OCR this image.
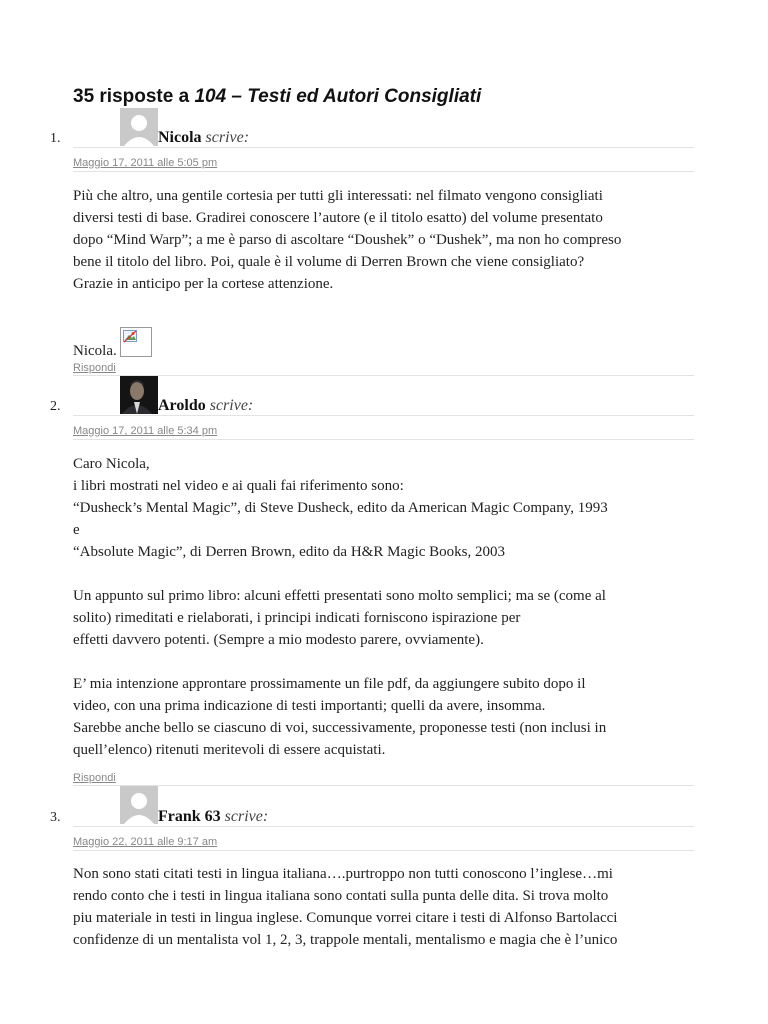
35 risposte a 104 – Testi ed Autori Consigliati
1.	Nicola scrive:
Maggio 17, 2011 alle 5:05 pm

Più che altro, una gentile cortesia per tutti gli interessati: nel filmato vengono consigliati
diversi testi di base. Gradirei conoscere l’autore (e il titolo esatto) del volume presentato
dopo “Mind Warp”; a me è parso di ascoltare “Doushek” o “Dushek”, ma non ho compreso
bene il titolo del libro. Poi, quale è il volume di Derren Brown che viene consigliato?
Grazie in anticipo per la cortese attenzione.

Nicola.
Rispondi
2.	Aroldo scrive:
Maggio 17, 2011 alle 5:34 pm

Caro Nicola,
i libri mostrati nel video e ai quali fai riferimento sono:
“Dusheck’s Mental Magic”, di Steve Dusheck, edito da American Magic Company, 1993
e
“Absolute Magic”, di Derren Brown, edito da H&R Magic Books, 2003

Un appunto sul primo libro: alcuni effetti presentati sono molto semplici; ma se (come al
solito) rimeditati e rielaborati, i principi indicati forniscono ispirazione per
effetti davvero potenti. (Sempre a mio modesto parere, ovviamente).

E’ mia intenzione approntare prossimamente un file pdf, da aggiungere subito dopo il
video, con una prima indicazione di testi importanti; quelli da avere, insomma.
Sarebbe anche bello se ciascuno di voi, successivamente, proponesse testi (non inclusi in
quell’elenco) ritenuti meritevoli di essere acquistati.

Rispondi
3.	Frank 63 scrive:
Maggio 22, 2011 alle 9:17 am

Non sono stati citati testi in lingua italiana….purtroppo non tutti conoscono l’inglese…mi
rendo conto che i testi in lingua italiana sono contati sulla punta delle dita. Si trova molto
piu materiale in testi in lingua inglese. Comunque vorrei citare i testi di Alfonso Bartolacci
confidenze di un mentalista vol 1, 2, 3, trappole mentali, mentalismo e magia che è l’unico
